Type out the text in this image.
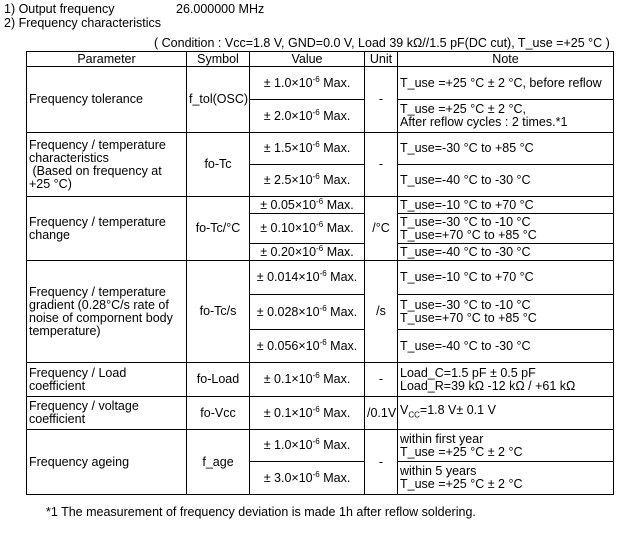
1) Output frequency	26.000000 MHz
2) Frequency characteristics
( Condition : Vcc=1.8 V, GND=0.0 V, Load 39 kΩ//1.5 pF(DC cut), T_use =+25 °C )
Parameter	Symbol	Value	Unit	Note
Frequency tolerance	f_tol(OSC)	± $1.0\times 10^{-6}$ Max.	-	T_use =+25 °C ± 2 °C, before reflow
		± $2.0\times 10^{-6}$ Max.		T_use =+25 °C ± 2 °C,
After reflow cycles : 2 times.*1
Frequency / temperature characteristics
(Based on frequency at +25 °C)	fo-Tc	± $1.5\times 10^{-6}$ Max.	-	T_use=-30 °C to +85 °C
		± $2.5\times 10^{-6}$ Max.		T_use=-40 °C to -30 °C
Frequency / temperature change	fo-Tc/°C	± $0.05\times 10^{-6}$ Max.	/°C	T_use=-10 °C to +70 °C
		± $0.10\times 10^{-6}$ Max.		T_use=-30 °C to -10 °C
T_use=+70 °C to +85 °C
		± $0.20\times 10^{-6}$ Max.		T_use=-40 °C to -30 °C
Frequency / temperature gradient (0.28°C/s rate of noise of compornent body temperature)	fo-Tc/s	± $0.014\times 10^{-6}$ Max.	/s	T_use=-10 °C to +70 °C
		± $0.028\times 10^{-6}$ Max.		T_use=-30 °C to -10 °C
T_use=+70 °C to +85 °C
		± $0.056\times 10^{-6}$ Max.		T_use=-40 °C to -30 °C
Frequency / Load coefficient	fo-Load	± $0.1\times 10^{-6}$ Max.	-	Load_C=1.5 pF ± 0.5 pF
Load_R=39 kΩ -12 kΩ / +61 kΩ
Frequency / voltage coefficient	fo-Vcc	± $0.1\times 10^{-6}$ Max.	/0.1V	$V_{CC}=1.8$ V± 0.1 V
Frequency ageing	f_age	± $1.0\times 10^{-6}$ Max.	-	within first year
T_use =+25 °C ± 2 °C
		± $3.0\times 10^{-6}$ Max.		within 5 years
T_use =+25 °C ± 2 °C
*1 The measurement of frequency deviation is made 1h after reflow soldering.
